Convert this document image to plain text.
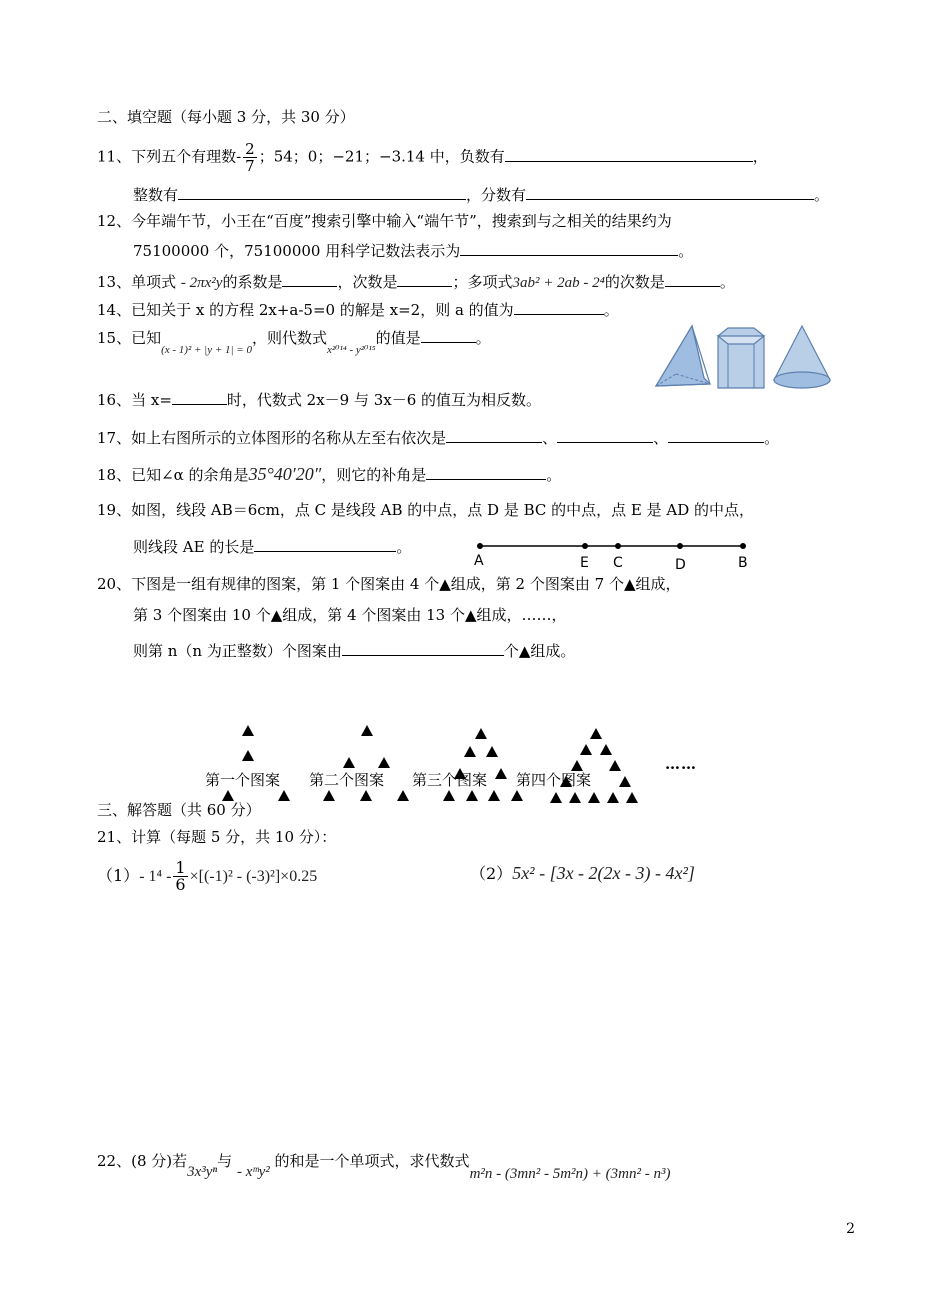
二、填空题（每小题 3 分，共 30 分）
11、下列五个有理数- $\frac{2}{7}$ ；54；0；−21；−3.14 中，负数有	，
整数有	，分数有	。
12、今年端午节，小王在“百度”搜索引擎中输入“端午节”，搜索到与之相关的结果约为
75100000 个，75100000 用科学记数法表示为	。
13、单项式 - 2πx²y的系数是	，次数是	；多项式3ab² + 2ab - 2⁴的次数是	。
14、已知关于 x 的方程 2x+a-5=0 的解是 x=2，则 a 的值为	。
15、已知$_{(x - 1)^2 + |y + 1| = 0}$，则代数式$_{x^{2014} - y^{2015}}$的值是	。
16、当 x=	时，代数式 2x－9 与 3x－6 的值互为相反数。
17、如上右图所示的立体图形的名称从左至右依次是	、	、	。
18、已知∠α 的余角是35°40′20″，则它的补角是	。
19、如图，线段 AB＝6cm，点 C 是线段 AB 的中点，点 D 是 BC 的中点，点 E 是 AD 的中点，
则线段 AE 的长是	。
A	E C	D	B
20、下图是一组有规律的图案，第 1 个图案由 4 个▲组成，第 2 个图案由 7 个▲组成，
第 3 个图案由 10 个▲组成，第 4 个图案由 13 个▲组成，……，
则第 n（n 为正整数）个图案由	个▲组成。
……
第一个图案 第二个图案 第三个图案 第四个图案
三、解答题（共 60 分）
21、计算（每题 5 分，共 10 分）：
（1）- $1^4 - \frac{1}{6} \times[(-1)^2 - (-3)^2]\times 0.25$	（2）5x² - [3x - 2(2x - 3) - 4x²]
22、(8 分)若3x³yⁿ与 - xᵐy² 的和是一个单项式，求代数式m²n - (3mn² - 5m²n) + (3mn² - n³)
2
